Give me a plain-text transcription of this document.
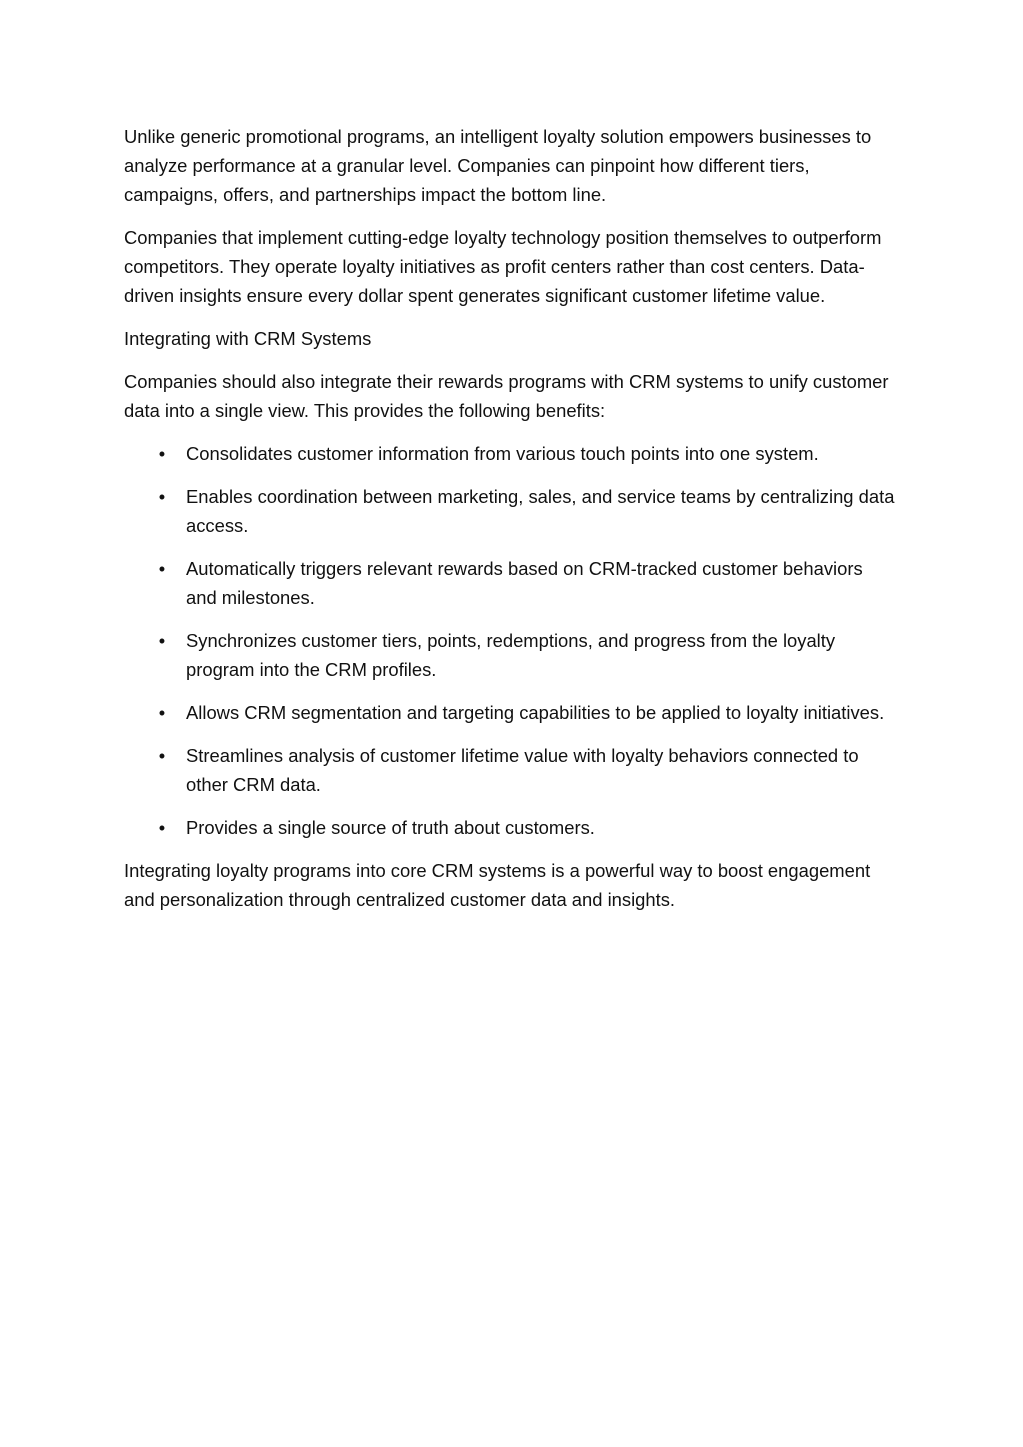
Unlike generic promotional programs, an intelligent loyalty solution empowers businesses to analyze performance at a granular level. Companies can pinpoint how different tiers, campaigns, offers, and partnerships impact the bottom line.

Companies that implement cutting-edge loyalty technology position themselves to outperform competitors. They operate loyalty initiatives as profit centers rather than cost centers. Data-driven insights ensure every dollar spent generates significant customer lifetime value.

Integrating with CRM Systems

Companies should also integrate their rewards programs with CRM systems to unify customer data into a single view. This provides the following benefits:

• Consolidates customer information from various touch points into one system.
• Enables coordination between marketing, sales, and service teams by centralizing data access.
• Automatically triggers relevant rewards based on CRM-tracked customer behaviors and milestones.
• Synchronizes customer tiers, points, redemptions, and progress from the loyalty program into the CRM profiles.
• Allows CRM segmentation and targeting capabilities to be applied to loyalty initiatives.
• Streamlines analysis of customer lifetime value with loyalty behaviors connected to other CRM data.
• Provides a single source of truth about customers.

Integrating loyalty programs into core CRM systems is a powerful way to boost engagement and personalization through centralized customer data and insights.
